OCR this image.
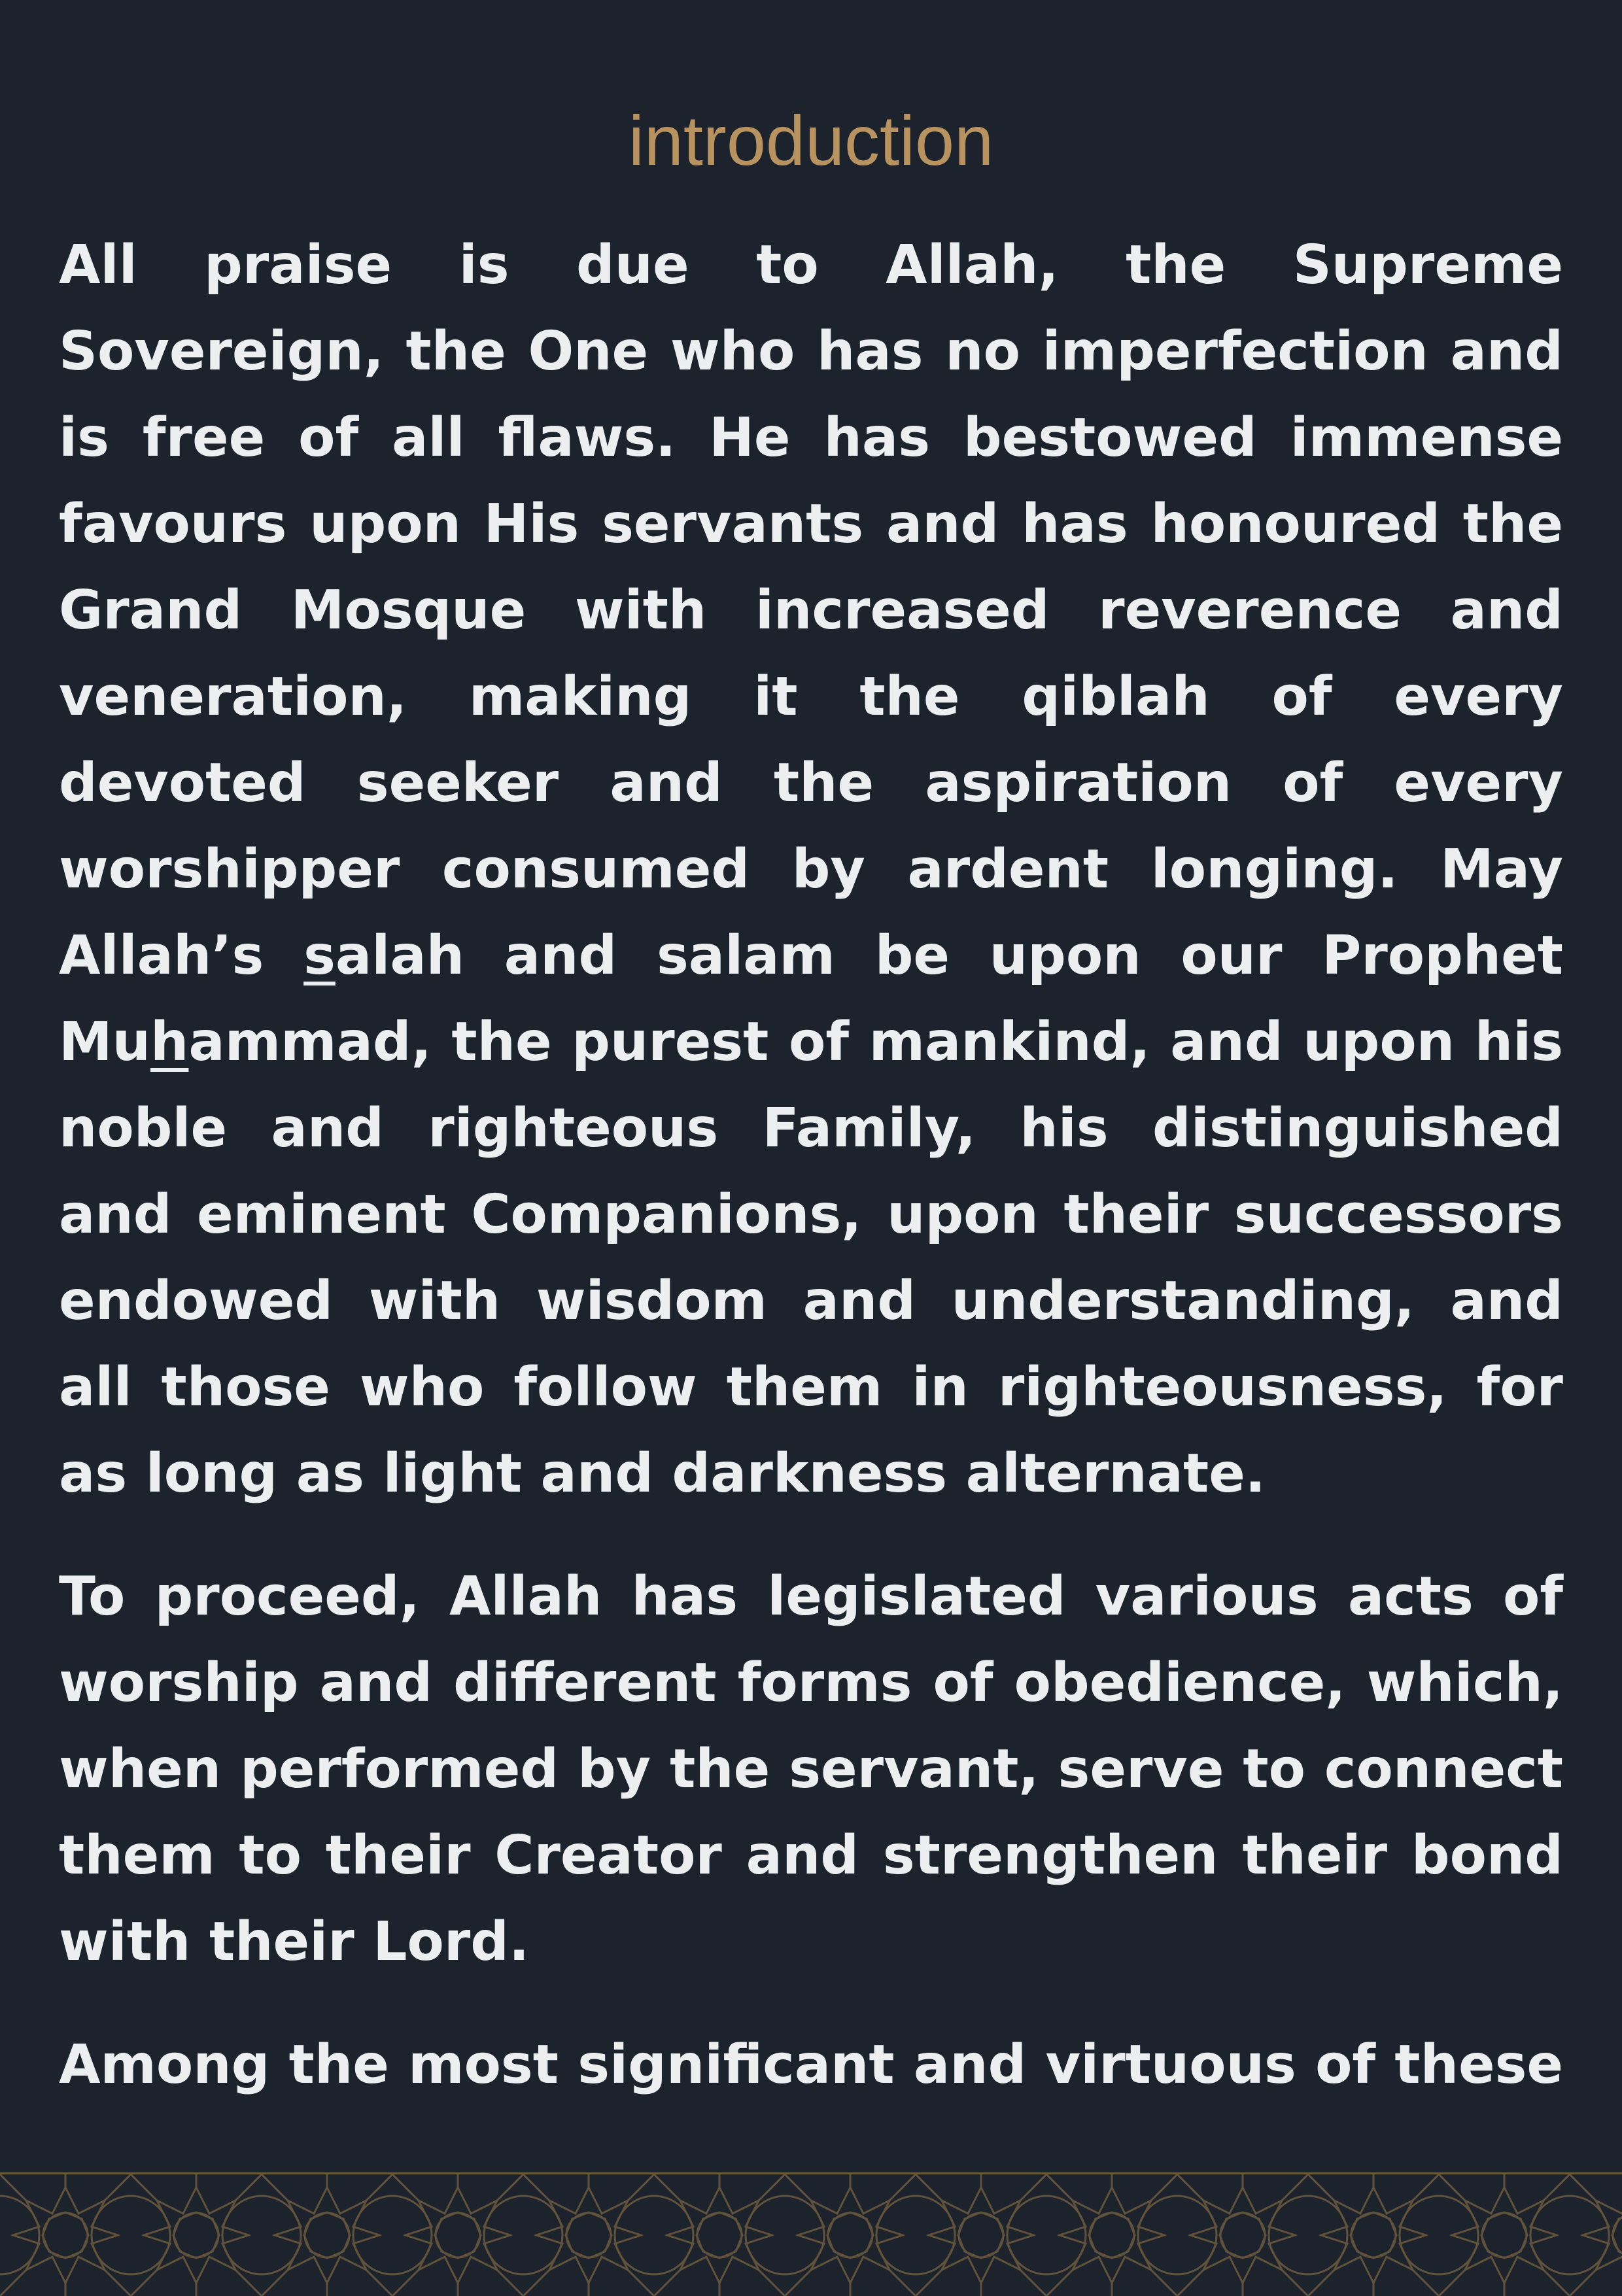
introduction

All praise is due to Allah, the Supreme Sovereign, the One who has no imperfection and is free of all flaws. He has bestowed immense favours upon His servants and has honoured the Grand Mosque with increased reverence and veneration, making it the qiblah of every devoted seeker and the aspiration of every worshipper consumed by ardent longing. May Allah’s salah and salam be upon our Prophet Muhammad, the purest of mankind, and upon his noble and righteous Family, his distinguished and eminent Companions, upon their successors endowed with wisdom and understanding, and all those who follow them in righteousness, for as long as light and darkness alternate.

To proceed, Allah has legislated various acts of worship and different forms of obedience, which, when performed by the servant, serve to connect them to their Creator and strengthen their bond with their Lord.

Among the most significant and virtuous of these
